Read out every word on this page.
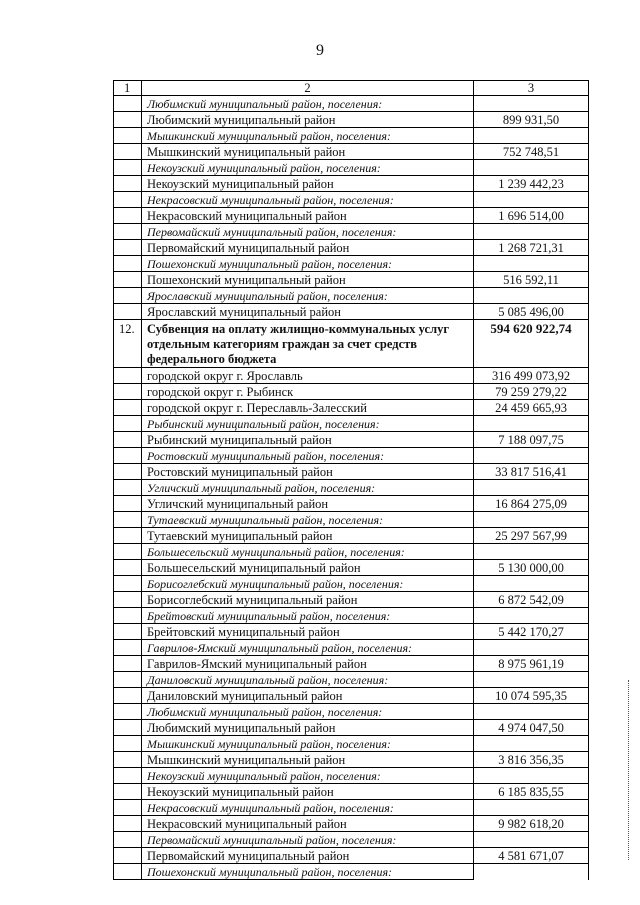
9
1	2	3
	Любимский муниципальный район, поселения:	
	Любимский муниципальный район	899 931,50
	Мышкинский муниципальный район, поселения:	
	Мышкинский муниципальный район	752 748,51
	Некоузский муниципальный район, поселения:	
	Некоузский муниципальный район	1 239 442,23
	Некрасовский муниципальный район, поселения:	
	Некрасовский муниципальный район	1 696 514,00
	Первомайский муниципальный район, поселения:	
	Первомайский муниципальный район	1 268 721,31
	Пошехонский муниципальный район, поселения:	
	Пошехонский муниципальный район	516 592,11
	Ярославский муниципальный район, поселения:	
	Ярославский муниципальный район	5 085 496,00
12.	Субвенция на оплату жилищно-коммунальных услуг отдельным категориям граждан за счет средств федерального бюджета	594 620 922,74
	городской округ г. Ярославль	316 499 073,92
	городской округ г. Рыбинск	79 259 279,22
	городской округ г. Переславль-Залесский	24 459 665,93
	Рыбинский муниципальный район, поселения:	
	Рыбинский муниципальный район	7 188 097,75
	Ростовский муниципальный район, поселения:	
	Ростовский муниципальный район	33 817 516,41
	Угличский муниципальный район, поселения:	
	Угличский муниципальный район	16 864 275,09
	Тутаевский муниципальный район, поселения:	
	Тутаевский муниципальный район	25 297 567,99
	Большесельский муниципальный район, поселения:	
	Большесельский муниципальный район	5 130 000,00
	Борисоглебский муниципальный район, поселения:	
	Борисоглебский муниципальный район	6 872 542,09
	Брейтовский муниципальный район, поселения:	
	Брейтовский муниципальный район	5 442 170,27
	Гаврилов-Ямский муниципальный район, поселения:	
	Гаврилов-Ямский муниципальный район	8 975 961,19
	Даниловский муниципальный район, поселения:	
	Даниловский муниципальный район	10 074 595,35
	Любимский муниципальный район, поселения:	
	Любимский муниципальный район	4 974 047,50
	Мышкинский муниципальный район, поселения:	
	Мышкинский муниципальный район	3 816 356,35
	Некоузский муниципальный район, поселения:	
	Некоузский муниципальный район	6 185 835,55
	Некрасовский муниципальный район, поселения:	
	Некрасовский муниципальный район	9 982 618,20
	Первомайский муниципальный район, поселения:	
	Первомайский муниципальный район	4 581 671,07
	Пошехонский муниципальный район, поселения:	
